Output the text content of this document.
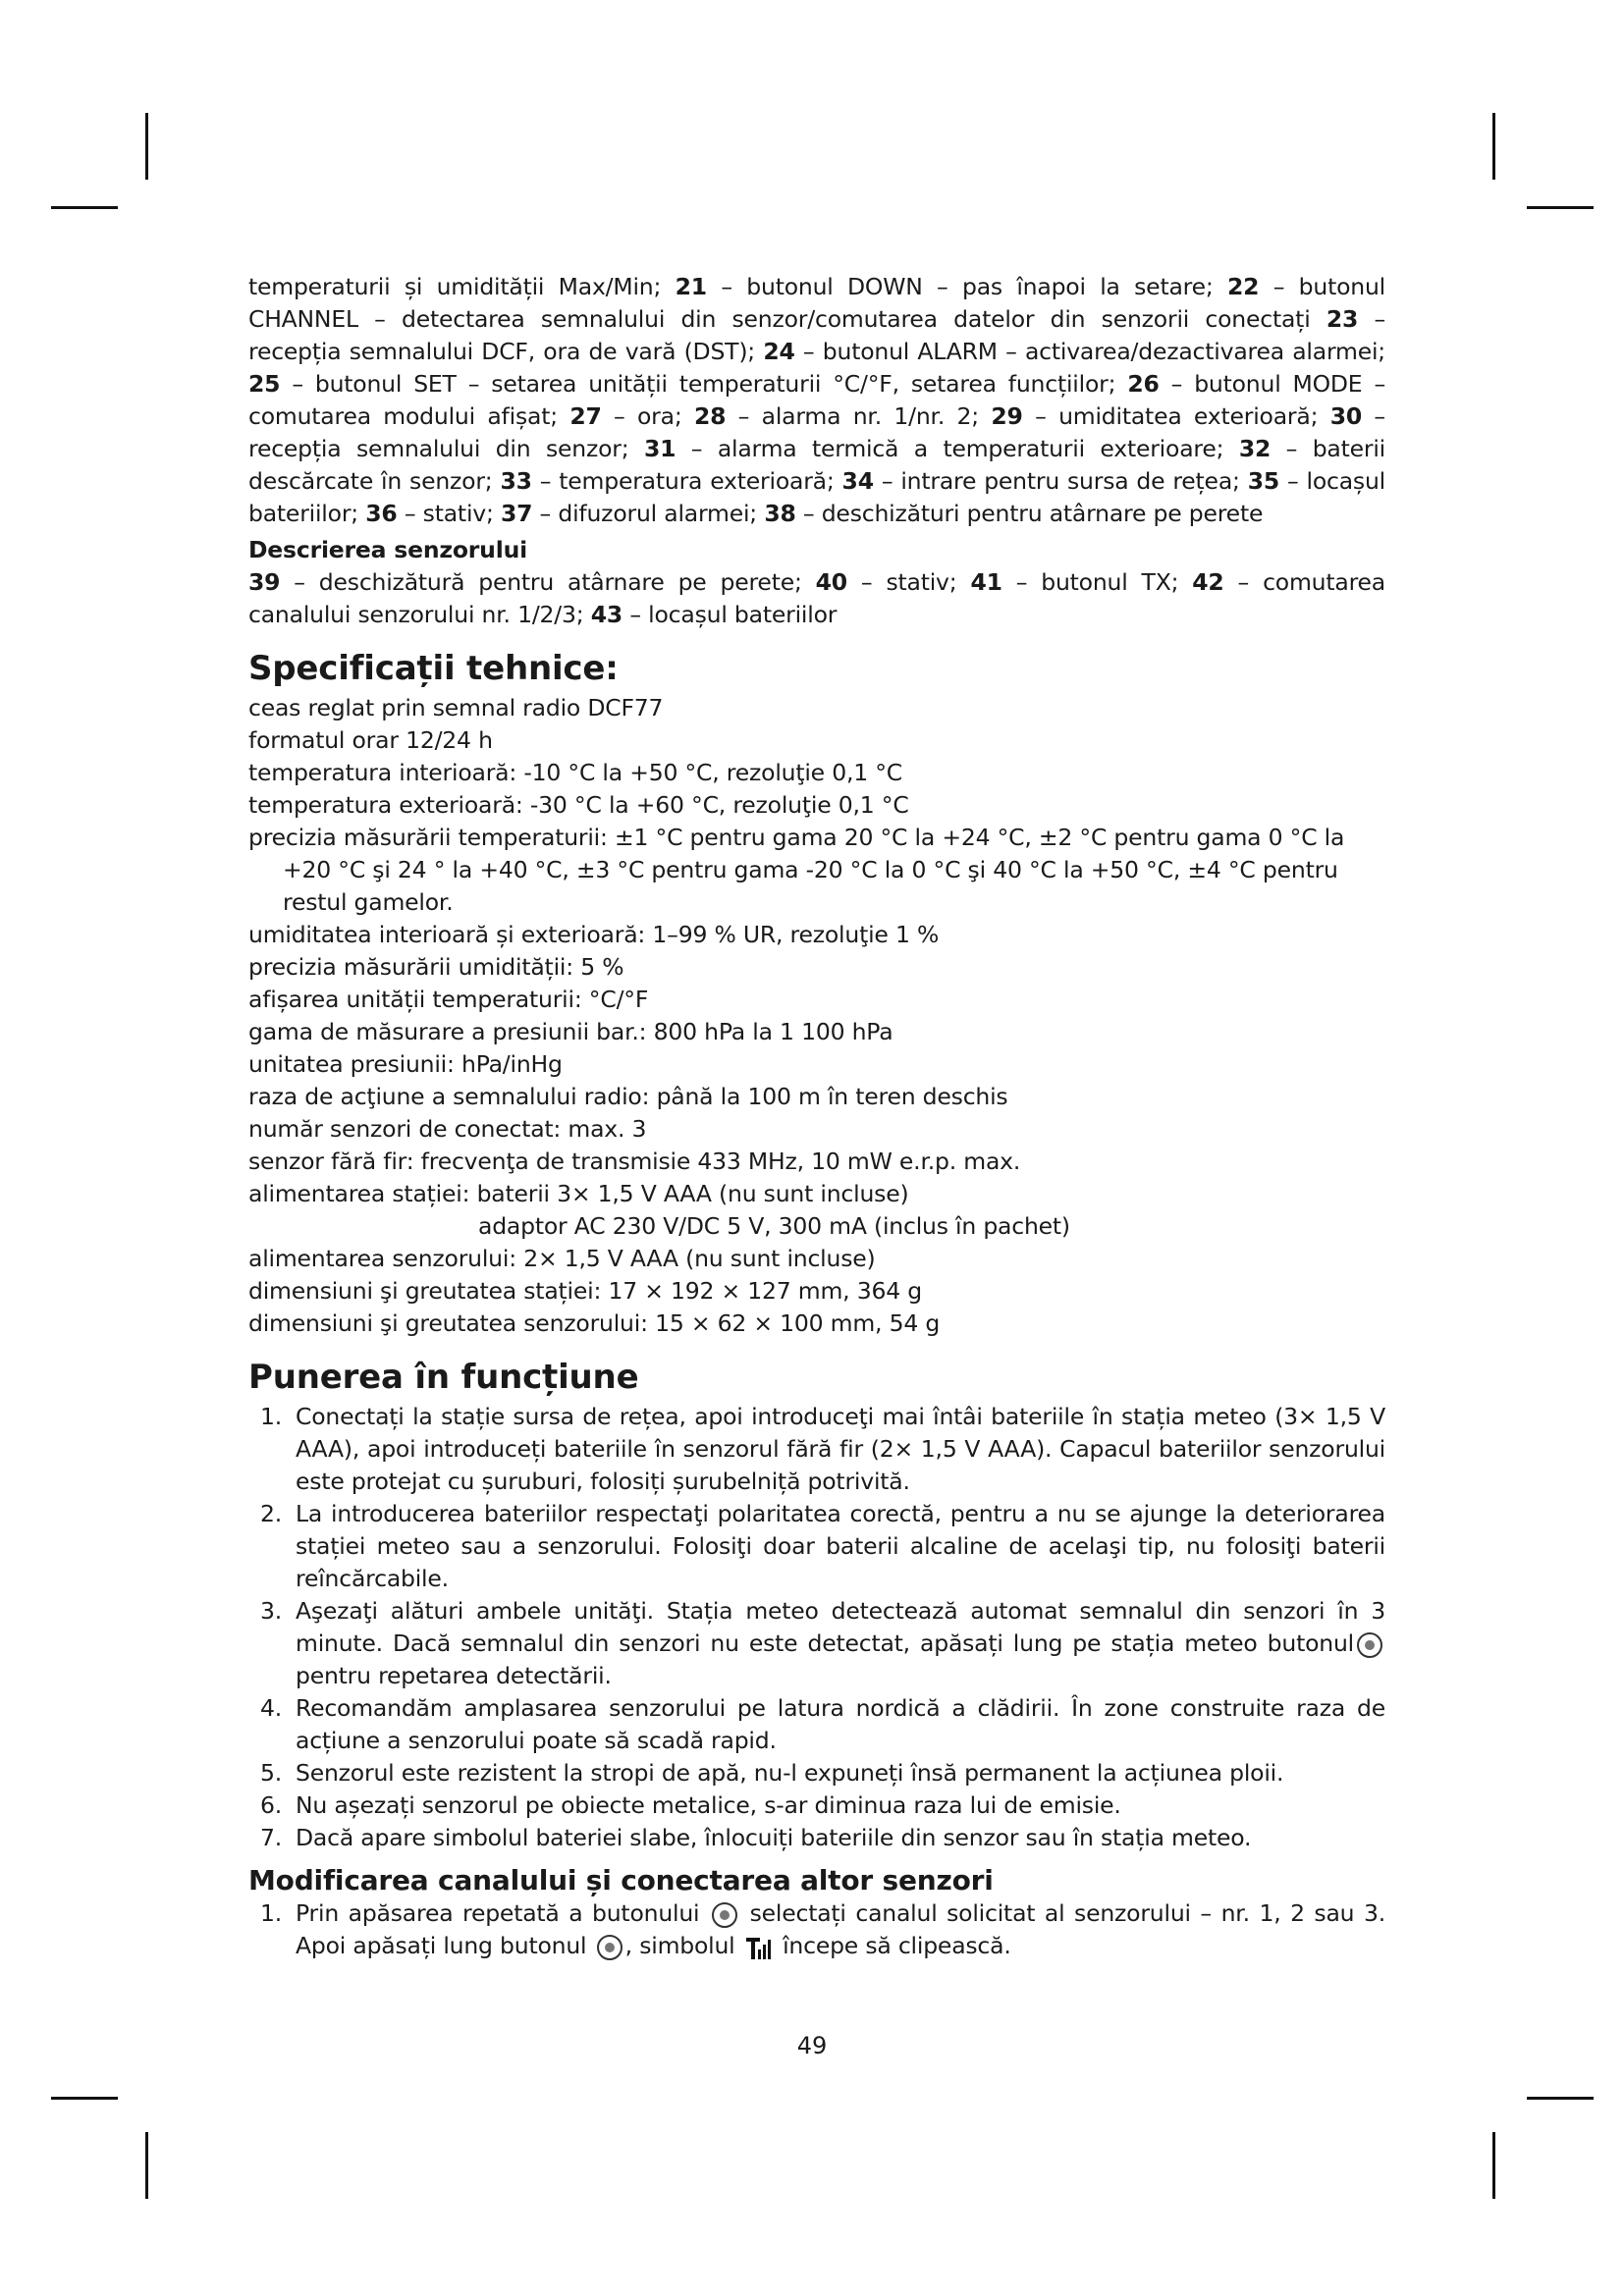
temperaturii și umidității Max/Min; 21 – butonul DOWN – pas înapoi la setare; 22 – butonul CHANNEL – detectarea semnalului din senzor/comutarea datelor din senzorii conectați 23 – recepția semnalului DCF, ora de vară (DST); 24 – butonul ALARM – activarea/dezactivarea alarmei; 25 – butonul SET – setarea unității temperaturii °C/°F, setarea funcțiilor; 26 – butonul MODE – comutarea modului afișat; 27 – ora; 28 – alarma nr. 1/nr. 2; 29 – umiditatea exterioară; 30 – recepția semnalului din senzor; 31 – alarma termică a temperaturii exterioare; 32 – baterii descărcate în senzor; 33 – temperatura exterioară; 34 – intrare pentru sursa de rețea; 35 – locașul bateriilor; 36 – stativ; 37 – difuzorul alarmei; 38 – deschizături pentru atârnare pe perete

Descrierea senzorului

39 – deschizătură pentru atârnare pe perete; 40 – stativ; 41 – butonul TX; 42 – comutarea canalului senzorului nr. 1/2/3; 43 – locașul bateriilor

Specificații tehnice:

ceas reglat prin semnal radio DCF77

formatul orar 12/24 h

temperatura interioară: -10 °C la +50 °C, rezoluţie 0,1 °C

temperatura exterioară: -30 °C la +60 °C, rezoluţie 0,1 °C

precizia măsurării temperaturii: ±1 °C pentru gama 20 °C la +24 °C, ±2 °C pentru gama 0 °C la +20 °C şi 24 ° la +40 °C, ±3 °C pentru gama -20 °C la 0 °C şi 40 °C la +50 °C, ±4 °C pentru restul gamelor.

umiditatea interioară și exterioară: 1–99 % UR, rezoluţie 1 %

precizia măsurării umidității: 5 %

afișarea unității temperaturii: °C/°F

gama de măsurare a presiunii bar.: 800 hPa la 1 100 hPa

unitatea presiunii: hPa/inHg

raza de acţiune a semnalului radio: până la 100 m în teren deschis

număr senzori de conectat: max. 3

senzor fără fir: frecvenţa de transmisie 433 MHz, 10 mW e.r.p. max.

alimentarea stației: baterii 3× 1,5 V AAA (nu sunt incluse)

adaptor AC 230 V/DC 5 V, 300 mA (inclus în pachet)

alimentarea senzorului: 2× 1,5 V AAA (nu sunt incluse)

dimensiuni şi greutatea stației: 17 × 192 × 127 mm, 364 g

dimensiuni şi greutatea senzorului: 15 × 62 × 100 mm, 54 g

Punerea în funcțiune
1. Conectați la stație sursa de rețea, apoi introduceţi mai întâi bateriile în stația meteo (3× 1,5 V AAA), apoi introduceți bateriile în senzorul fără fir (2× 1,5 V AAA). Capacul bateriilor senzorului este protejat cu șuruburi, folosiți șurubelniță potrivită.
2. La introducerea bateriilor respectaţi polaritatea corectă, pentru a nu se ajunge la deteriorarea stației meteo sau a senzorului. Folosiţi doar baterii alcaline de acelaşi tip, nu folosiţi baterii reîncărcabile.
3. Aşezaţi alături ambele unităţi. Stația meteo detectează automat semnalul din senzori în 3 minute. Dacă semnalul din senzori nu este detectat, apăsați lung pe stația meteo butonulpentru repetarea detectării.
4. Recomandăm amplasarea senzorului pe latura nordică a clădirii. În zone construite raza de acțiune a senzorului poate să scadă rapid.
5. Senzorul este rezistent la stropi de apă, nu-l expuneți însă permanent la acțiunea ploii.
6. Nu așezați senzorul pe obiecte metalice, s-ar diminua raza lui de emisie.
7. Dacă apare simbolul bateriei slabe, înlocuiți bateriile din senzor sau în stația meteo.
Modificarea canalului și conectarea altor senzori
1. Prin apăsarea repetată a butonului selectați canalul solicitat al senzorului – nr. 1, 2 sau 3. Apoi apăsați lung butonul , simbolul începe să clipească.
49
